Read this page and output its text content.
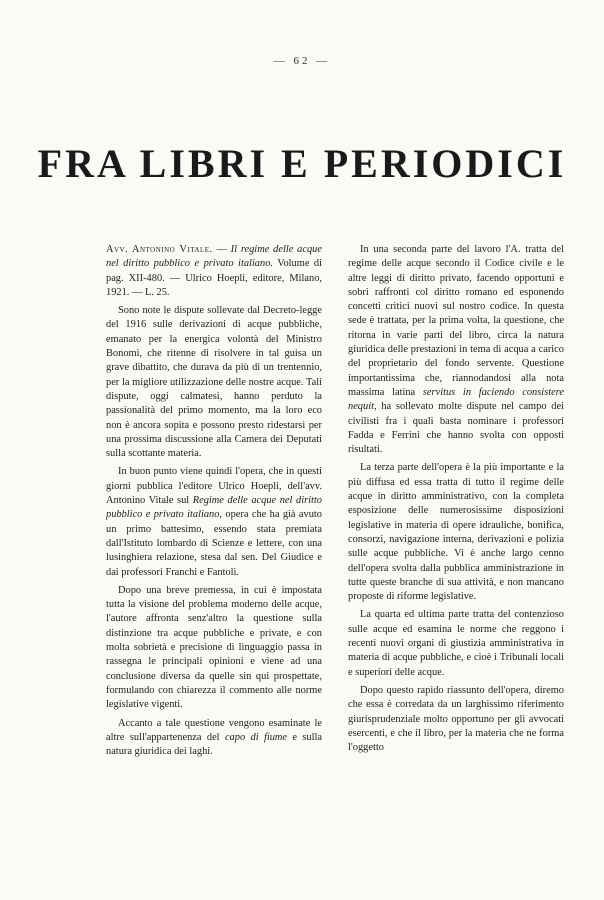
— 62 —
FRA LIBRI E PERIODICI

Avv. Antonino Vitale. — Il regime delle acque nel diritto pubblico e privato italiano. Volume di pag. XII-480. — Ulrico Hoepli, editore, Milano, 1921. — L. 25.

Sono note le dispute sollevate dal Decreto-legge del 1916 sulle derivazioni di acque pubbliche, emanato per la energica volontà del Ministro Bonomi, che ritenne di risolvere in tal guisa un grave dibattito, che durava da più di un trentennio, per la migliore utilizzazione delle nostre acque. Tali dispute, oggi calmatesi, hanno perduto la passionalità del primo momento, ma la loro eco non è ancora sopita e possono presto ridestarsi per una prossima discussione alla Camera dei Deputati sulla scottante materia.

In buon punto viene quindi l'opera, che in questi giorni pubblica l'editore Ulrico Hoepli, dell'avv. Antonino Vitale sul Regime delle acque nel diritto pubblico e privato italiano, opera che ha già avuto un primo battesimo, essendo stata premiata dall'Istituto lombardo di Scienze e lettere, con una lusinghiera relazione, stesa dal sen. Del Giudice e dai professori Franchi e Fantoli.

Dopo una breve premessa, in cui è impostata tutta la visione del problema moderno delle acque, l'autore affronta senz'altro la questione sulla distinzione tra acque pubbliche e private, e con molta sobrietà e precisione di linguaggio passa in rassegna le principali opinioni e viene ad una conclusione diversa da quelle sin qui prospettate, formulando con chiarezza il commento alle norme legislative vigenti.

Accanto a tale questione vengono esaminate le altre sull'appartenenza del capo di fiume e sulla natura giuridica dei laghi.

In una seconda parte del lavoro l'A. tratta del regime delle acque secondo il Codice civile e le altre leggi di diritto privato, facendo opportuni e sobri raffronti col diritto romano ed esponendo concetti critici nuovi sul nostro codice. In questa sede è trattata, per la prima volta, la questione, che ritorna in varie parti del libro, circa la natura giuridica delle prestazioni in tema di acqua a carico del proprietario del fondo servente. Questione importantissima che, riannodandosi alla nota massima latina servitus in faciendo consistere nequit, ha sollevato molte dispute nel campo dei civilisti fra i quali basta nominare i professori Fadda e Ferrini che hanno svolta con opposti risultati.

La terza parte dell'opera è la più importante e la più diffusa ed essa tratta di tutto il regime delle acque in diritto amministrativo, con la completa esposizione delle numerosissime disposizioni legislative in materia di opere idrauliche, bonifica, consorzi, navigazione interna, derivazioni e polizia sulle acque pubbliche. Vi è anche largo cenno dell'opera svolta dalla pubblica amministrazione in tutte queste branche di sua attività, e non mancano proposte di riforme legislative.

La quarta ed ultima parte tratta del contenzioso sulle acque ed esamina le norme che reggono i recenti nuovi organi di giustizia amministrativa in materia di acque pubbliche, e cioè i Tribunali locali e superiori delle acque.

Dopo questo rapido riassunto dell'opera, diremo che essa è corredata da un larghissimo riferimento giurisprudenziale molto opportuno per gli avvocati esercenti, e che il libro, per la materia che ne forma l'oggetto
